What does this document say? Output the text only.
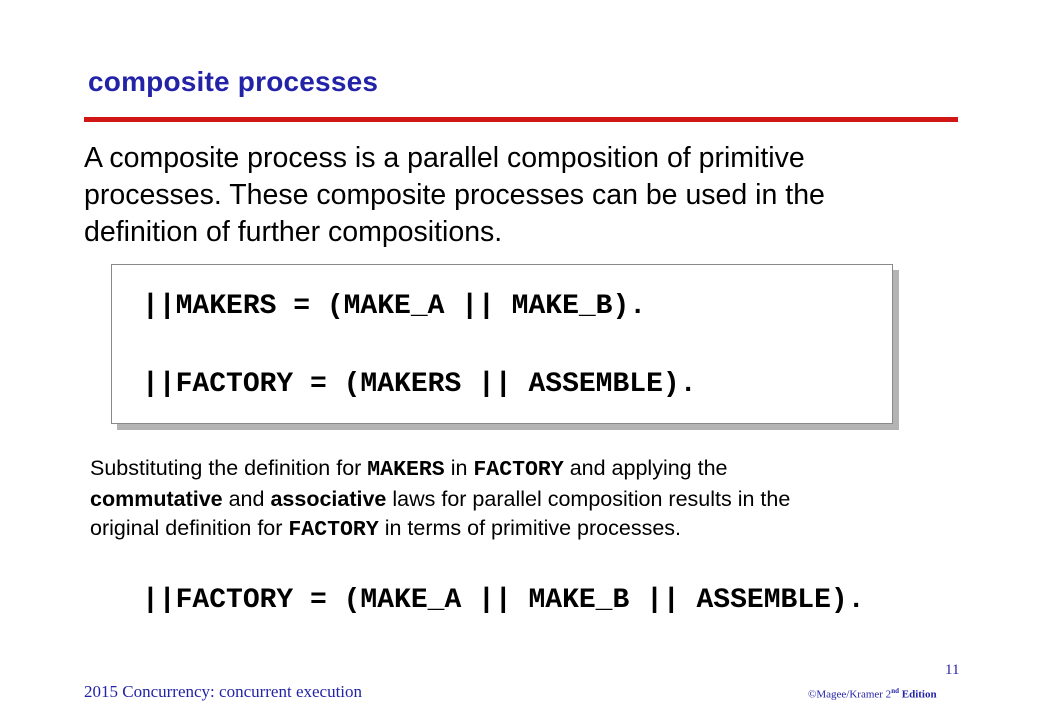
composite processes
A composite process is a parallel composition of primitive
processes. These composite processes can be used in the
definition of further compositions.
||MAKERS = (MAKE_A || MAKE_B).
||FACTORY = (MAKERS || ASSEMBLE).
Substituting the definition for MAKERS in FACTORY and applying the
commutative and associative laws for parallel composition results in the
original definition for FACTORY in terms of primitive processes.
||FACTORY = (MAKE_A || MAKE_B || ASSEMBLE).
11
2015 Concurrency: concurrent execution	©Magee/Kramer 2nd Edition
